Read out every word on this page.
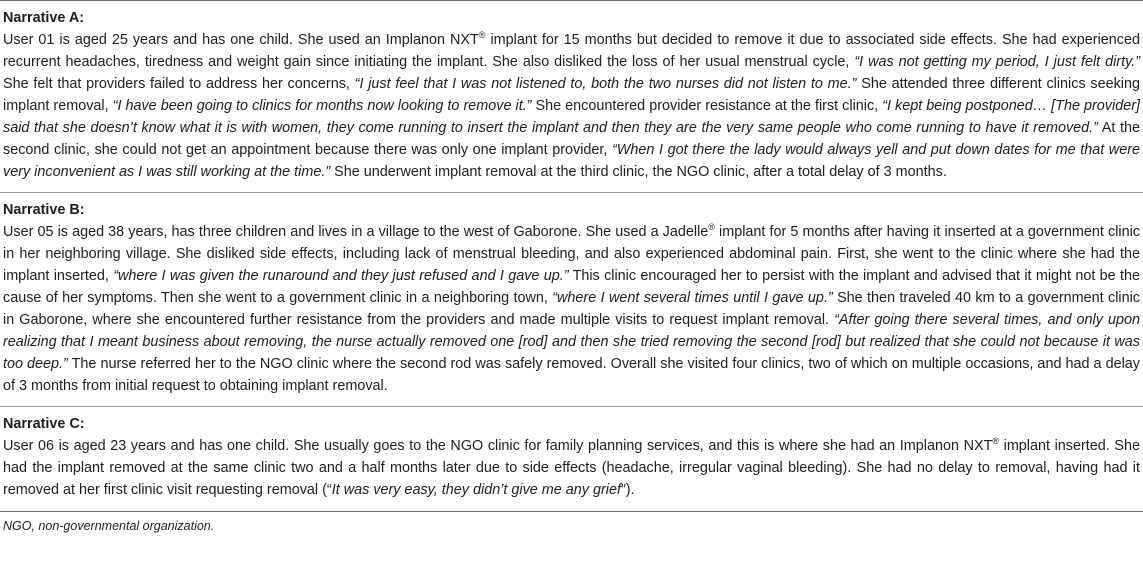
Narrative A:
User 01 is aged 25 years and has one child. She used an Implanon NXT® implant for 15 months but decided to remove it due to associated side effects. She had experienced recurrent headaches, tiredness and weight gain since initiating the implant. She also disliked the loss of her usual menstrual cycle, “I was not getting my period, I just felt dirty.” She felt that providers failed to address her concerns, “I just feel that I was not listened to, both the two nurses did not listen to me.” She attended three different clinics seeking implant removal, “I have been going to clinics for months now looking to remove it.” She encountered provider resistance at the first clinic, “I kept being postponed… [The provider] said that she doesn’t know what it is with women, they come running to insert the implant and then they are the very same people who come running to have it removed.” At the second clinic, she could not get an appointment because there was only one implant provider, “When I got there the lady would always yell and put down dates for me that were very inconvenient as I was still working at the time.” She underwent implant removal at the third clinic, the NGO clinic, after a total delay of 3 months.
Narrative B:
User 05 is aged 38 years, has three children and lives in a village to the west of Gaborone. She used a Jadelle® implant for 5 months after having it inserted at a government clinic in her neighboring village. She disliked side effects, including lack of menstrual bleeding, and also experienced abdominal pain. First, she went to the clinic where she had the implant inserted, “where I was given the runaround and they just refused and I gave up.” This clinic encouraged her to persist with the implant and advised that it might not be the cause of her symptoms. Then she went to a government clinic in a neighboring town, “where I went several times until I gave up.” She then traveled 40 km to a government clinic in Gaborone, where she encountered further resistance from the providers and made multiple visits to request implant removal. “After going there several times, and only upon realizing that I meant business about removing, the nurse actually removed one [rod] and then she tried removing the second [rod] but realized that she could not because it was too deep.” The nurse referred her to the NGO clinic where the second rod was safely removed. Overall she visited four clinics, two of which on multiple occasions, and had a delay of 3 months from initial request to obtaining implant removal.
Narrative C:
User 06 is aged 23 years and has one child. She usually goes to the NGO clinic for family planning services, and this is where she had an Implanon NXT® implant inserted. She had the implant removed at the same clinic two and a half months later due to side effects (headache, irregular vaginal bleeding). She had no delay to removal, having had it removed at her first clinic visit requesting removal (“It was very easy, they didn’t give me any grief”).
NGO, non-governmental organization.
